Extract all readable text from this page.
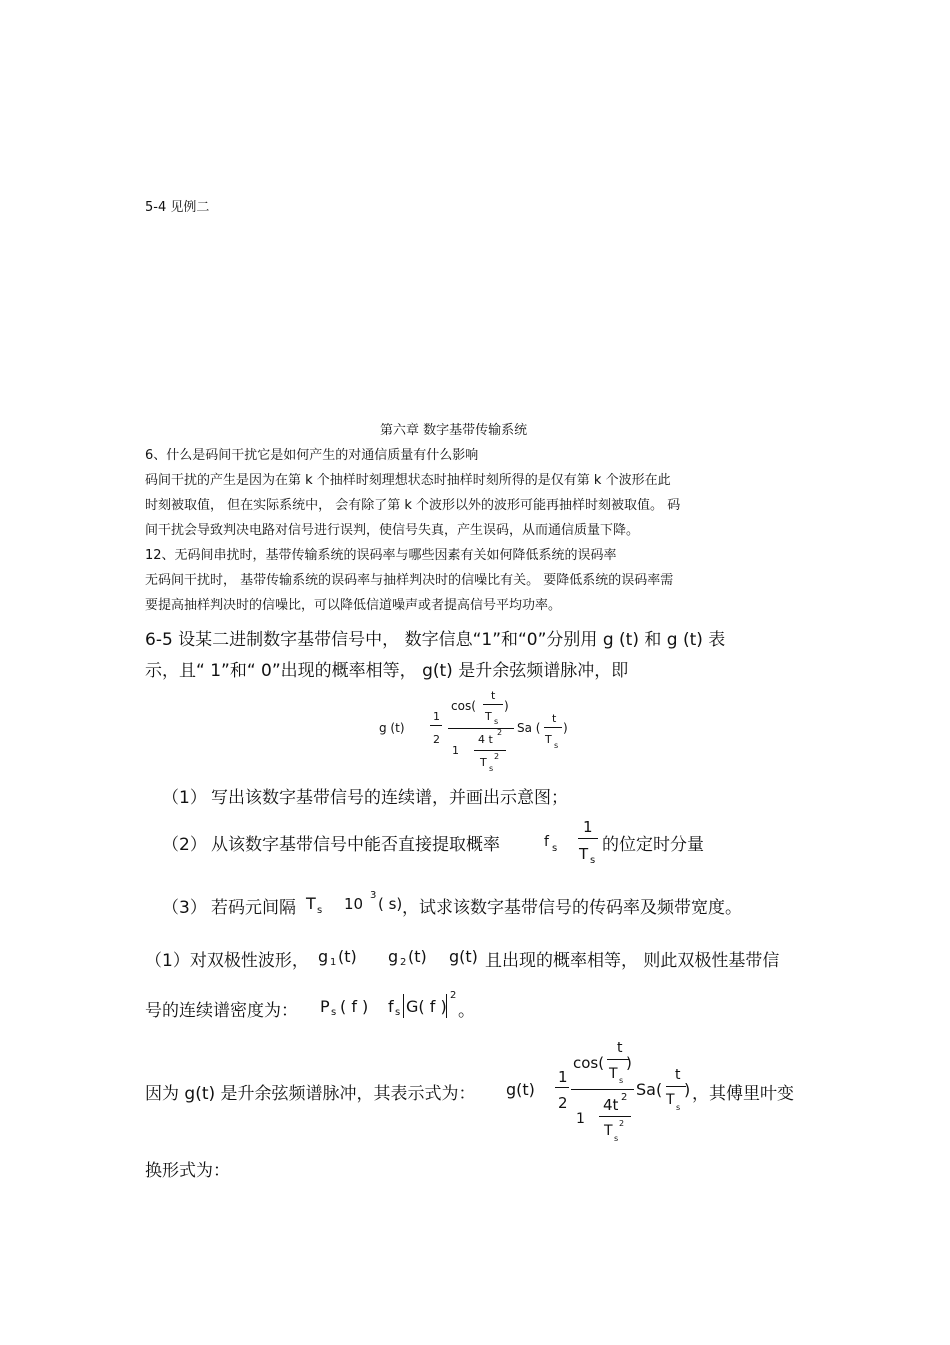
5-4 见例二
第六章 数字基带传输系统
6、什么是码间干扰它是如何产生的对通信质量有什么影响
码间干扰的产生是因为在第 k 个抽样时刻理想状态时抽样时刻所得的是仅有第 k 个波形在此
时刻被取值， 但在实际系统中， 会有除了第 k 个波形以外的波形可能再抽样时刻被取值。 码
间干扰会导致判决电路对信号进行误判，使信号失真，产生误码，从而通信质量下降。
12、无码间串扰时，基带传输系统的误码率与哪些因素有关如何降低系统的误码率
无码间干扰时， 基带传输系统的误码率与抽样判决时的信噪比有关。 要降低系统的误码率需
要提高抽样判决时的信噪比，可以降低信道噪声或者提高信号平均功率。
6-5 设某二进制数字基带信号中， 数字信息“1”和“0”分别用 g (t) 和 g (t) 表
示，且“ 1”和“ 0”出现的概率相等， g(t) 是升余弦频谱脉冲，即
g (t)
1
2
cos(
t
T s
)
1
4 t
2
T s
2
Sa (
t
T s
)
（1） 写出该数字基带信号的连续谱，并画出示意图；
（2） 从该数字基带信号中能否直接提取概率	f s
1
T s
的位定时分量
（3） 若码元间隔 T s 10 3 ( s) ，试求该数字基带信号的传码率及频带宽度。
（1）对双极性波形， g 1 (t) g 2 (t) g(t) 且出现的概率相等， 则此双极性基带信
号的连续谱密度为： P s ( f ) f s G( f )
2
。
因为 g(t) 是升余弦频谱脉冲，其表示式为： g(t)
1
2
cos(
t
T s
)
1
4t 2
T s
2
Sa(
t
T s
) ，其傅里叶变
换形式为：
